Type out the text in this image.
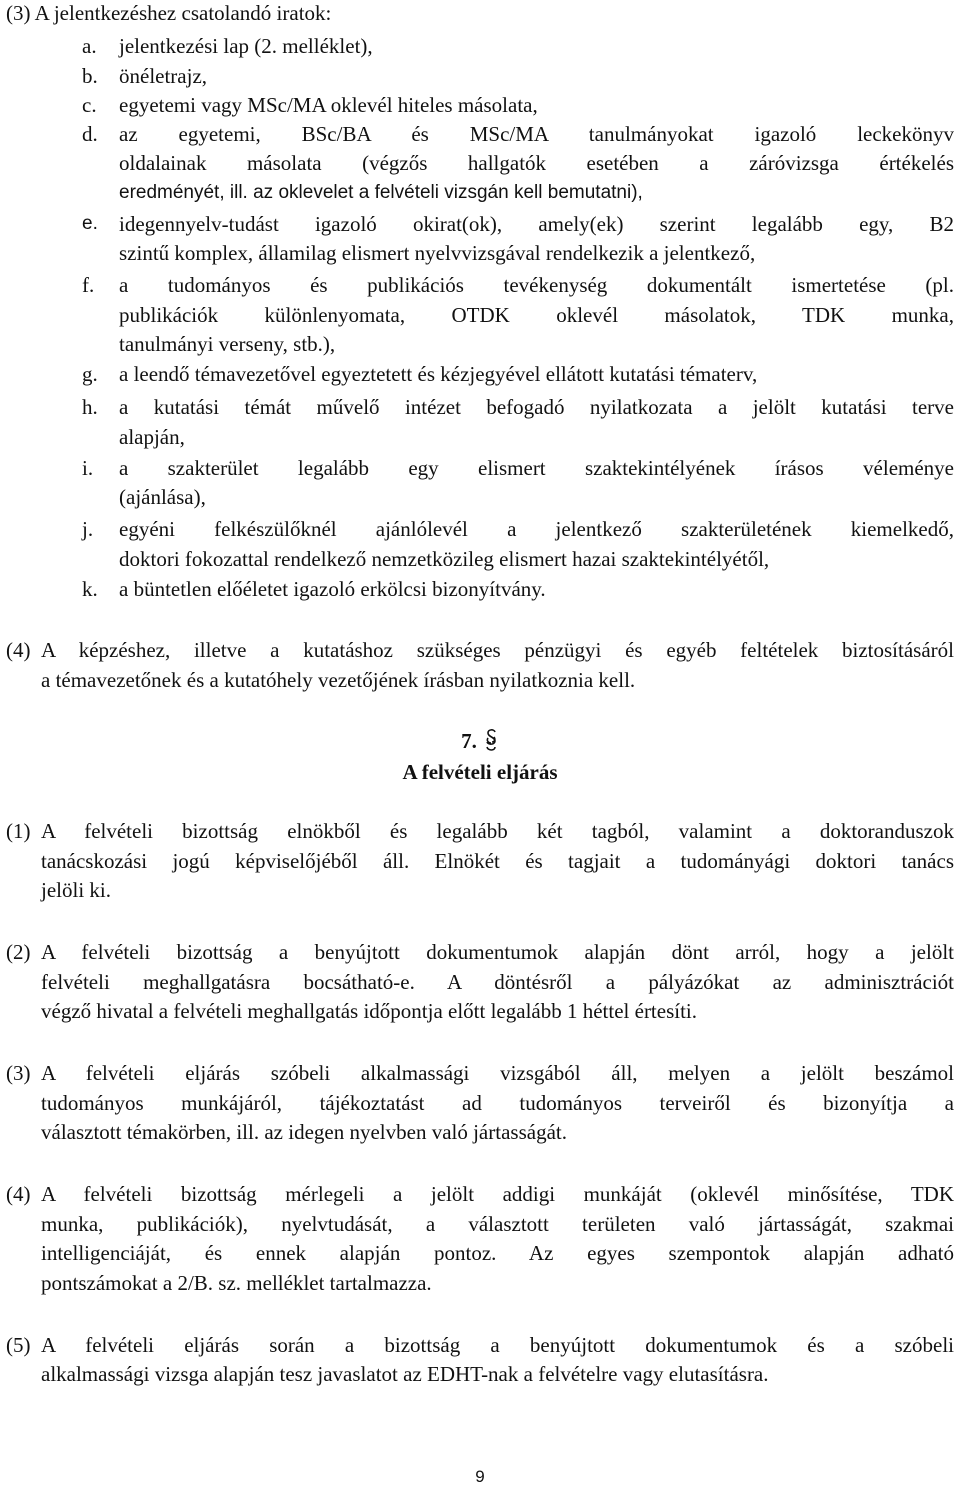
(3) A jelentkezéshez csatolandó iratok:
a. jelentkezési lap (2. melléklet),
b. önéletrajz,
c. egyetemi vagy MSc/MA oklevél hiteles másolata,
d. az egyetemi, BSc/BA és MSc/MA tanulmányokat igazoló leckekönyv
oldalainak másolata (végzős hallgatók esetében a záróvizsga értékelés
eredményét, ill. az oklevelet a felvételi vizsgán kell bemutatni),
e. idegennyelv-tudást igazoló okirat(ok), amely(ek) szerint legalább egy, B2
szintű komplex, államilag elismert nyelvvizsgával rendelkezik a jelentkező,
f. a tudományos és publikációs tevékenység dokumentált ismertetése (pl.
publikációk különlenyomata, OTDK oklevél másolatok, TDK munka,
tanulmányi verseny, stb.),
g. a leendő témavezetővel egyeztetett és kézjegyével ellátott kutatási tématerv,
h. a kutatási témát művelő intézet befogadó nyilatkozata a jelölt kutatási terve
alapján,
i. a szakterület legalább egy elismert szaktekintélyének írásos véleménye
(ajánlása),
j. egyéni felkészülőknél ajánlólevél a jelentkező szakterületének kiemelkedő,
doktori fokozattal rendelkező nemzetközileg elismert hazai szaktekintélyétől,
k. a büntetlen előéletet igazoló erkölcsi bizonyítvány.
(4) A képzéshez, illetve a kutatáshoz szükséges pénzügyi és egyéb feltételek biztosításáról
a témavezetőnek és a kutatóhely vezetőjének írásban nyilatkoznia kell.
7.
A felvételi eljárás
(1) A felvételi bizottság elnökből és legalább két tagból, valamint a doktoranduszok
tanácskozási jogú képviselőjéből áll. Elnökét és tagjait a tudományági doktori tanács
jelöli ki.
(2) A felvételi bizottság a benyújtott dokumentumok alapján dönt arról, hogy a jelölt
felvételi meghallgatásra bocsátható-e. A döntésről a pályázókat az adminisztrációt
végző hivatal a felvételi meghallgatás időpontja előtt legalább 1 héttel értesíti.
(3) A felvételi eljárás szóbeli alkalmassági vizsgából áll, melyen a jelölt beszámol
tudományos munkájáról, tájékoztatást ad tudományos terveiről és bizonyítja a
választott témakörben, ill. az idegen nyelvben való jártasságát.
(4) A felvételi bizottság mérlegeli a jelölt addigi munkáját (oklevél minősítése, TDK
munka, publikációk), nyelvtudását, a választott területen való jártasságát, szakmai
intelligenciáját, és ennek alapján pontoz. Az egyes szempontok alapján adható
pontszámokat a 2/B. sz. melléklet tartalmazza.
(5) A felvételi eljárás során a bizottság a benyújtott dokumentumok és a szóbeli
alkalmassági vizsga alapján tesz javaslatot az EDHT-nak a felvételre vagy elutasításra.
9
